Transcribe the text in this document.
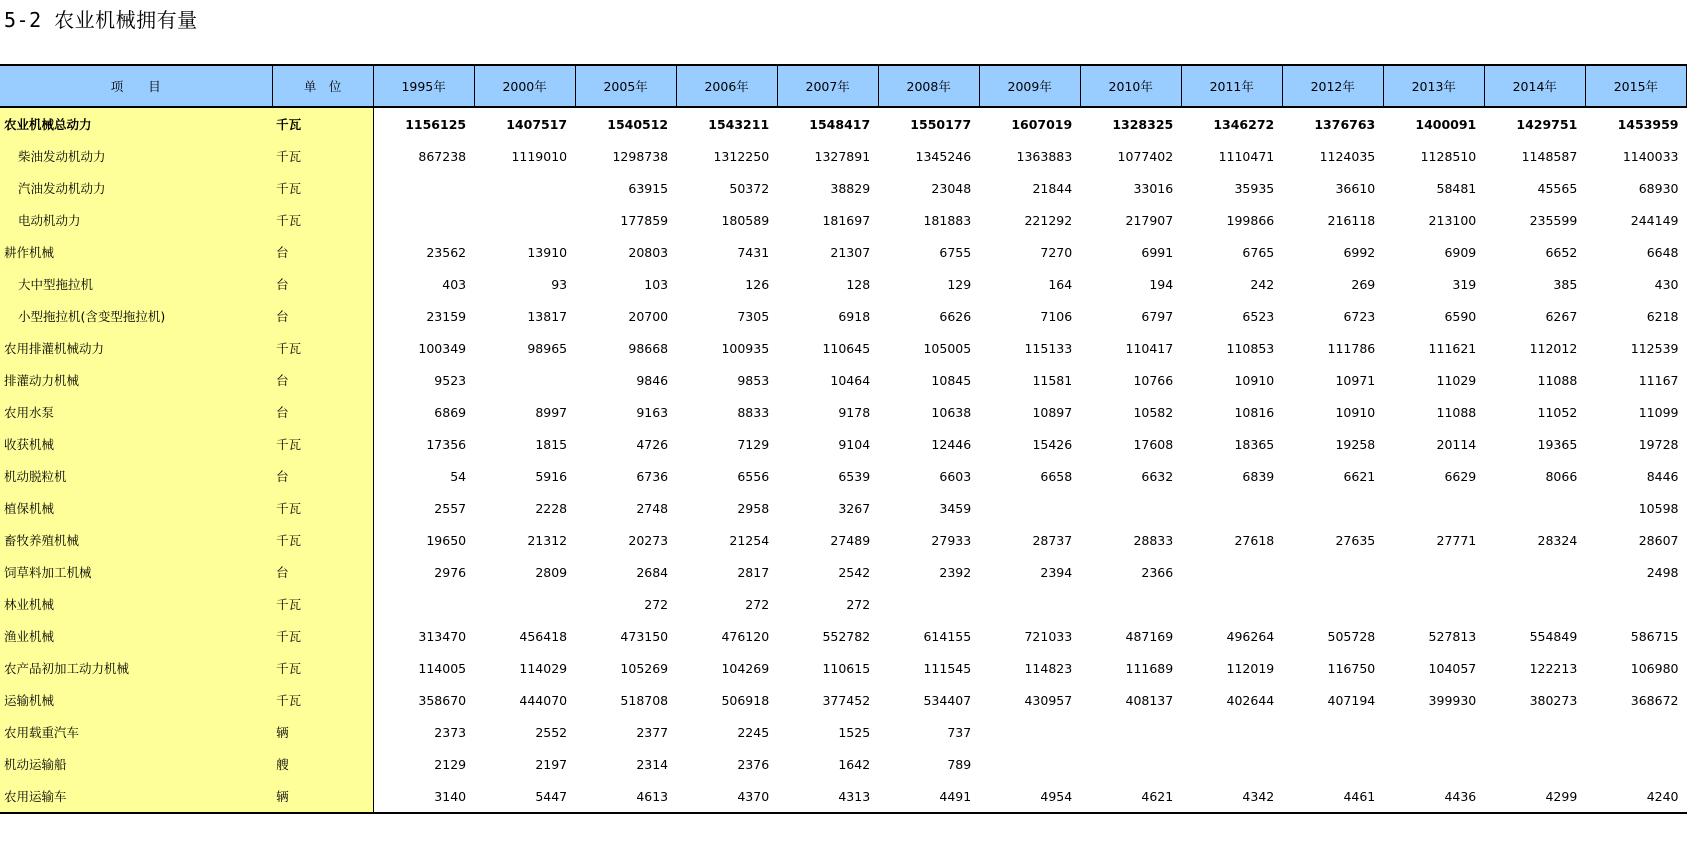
5-2 农业机械拥有量
项　　目	单　位	1995年	2000年	2005年	2006年	2007年	2008年	2009年	2010年	2011年	2012年	2013年	2014年	2015年
农业机械总动力	千瓦	1156125	1407517	1540512	1543211	1548417	1550177	1607019	1328325	1346272	1376763	1400091	1429751	1453959
柴油发动机动力	千瓦	867238	1119010	1298738	1312250	1327891	1345246	1363883	1077402	1110471	1124035	1128510	1148587	1140033
汽油发动机动力	千瓦			63915	50372	38829	23048	21844	33016	35935	36610	58481	45565	68930
电动机动力	千瓦			177859	180589	181697	181883	221292	217907	199866	216118	213100	235599	244149
耕作机械	台	23562	13910	20803	7431	21307	6755	7270	6991	6765	6992	6909	6652	6648
大中型拖拉机	台	403	93	103	126	128	129	164	194	242	269	319	385	430
小型拖拉机(含变型拖拉机)	台	23159	13817	20700	7305	6918	6626	7106	6797	6523	6723	6590	6267	6218
农用排灌机械动力	千瓦	100349	98965	98668	100935	110645	105005	115133	110417	110853	111786	111621	112012	112539
排灌动力机械	台	9523		9846	9853	10464	10845	11581	10766	10910	10971	11029	11088	11167
农用水泵	台	6869	8997	9163	8833	9178	10638	10897	10582	10816	10910	11088	11052	11099
收获机械	千瓦	17356	1815	4726	7129	9104	12446	15426	17608	18365	19258	20114	19365	19728
机动脱粒机	台	54	5916	6736	6556	6539	6603	6658	6632	6839	6621	6629	8066	8446
植保机械	千瓦	2557	2228	2748	2958	3267	3459							10598
畜牧养殖机械	千瓦	19650	21312	20273	21254	27489	27933	28737	28833	27618	27635	27771	28324	28607
饲草料加工机械	台	2976	2809	2684	2817	2542	2392	2394	2366					2498
林业机械	千瓦			272	272	272								
渔业机械	千瓦	313470	456418	473150	476120	552782	614155	721033	487169	496264	505728	527813	554849	586715
农产品初加工动力机械	千瓦	114005	114029	105269	104269	110615	111545	114823	111689	112019	116750	104057	122213	106980
运输机械	千瓦	358670	444070	518708	506918	377452	534407	430957	408137	402644	407194	399930	380273	368672
农用载重汽车	辆	2373	2552	2377	2245	1525	737							
机动运输船	艘	2129	2197	2314	2376	1642	789							
农用运输车	辆	3140	5447	4613	4370	4313	4491	4954	4621	4342	4461	4436	4299	4240
